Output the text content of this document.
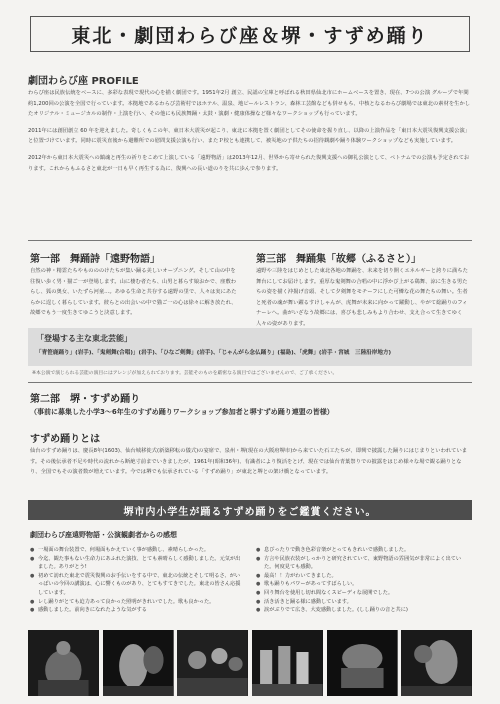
東北・劇団わらび座＆堺・すずめ踊り
劇団わらび座 PROFILE

わらび座は民族伝統をベースに、多彩な表現で現代の心を描く劇団です。1951年2月 創立、民謡の宝庫と呼ばれる秋田県仙北市にホームベースを置き、現在、7つの公演 グループで年間約1,200回の公演を全国で行っています。本拠地であるわらび芸術村ではホテル、温泉、地ビールレストラン、森林工芸館なども併せもち、中核となるわらび劇場では東北の素材を生かしたオリジナル・ミュージカルの制作・上演を行い、その他にも民族舞踊・太鼓・演劇・健康体操など様々なワークショップも行っています。

2011年には創団創立 60 年を迎えました。奇しくもこの年、東日本大震災が起こり、東北に本拠を置く劇団としてその使命を握り直し、以降の上演作品を「東日本大震災復興支援公演」と位置づけています。同時に震災直後から避難所での慰問支援公演も行い、またＰ校とも連携して、被災地の子供たちの招待観劇や踊り体験ワークショップなども実施しています。

2012年から東日本大震災への鎮魂と再生の祈りをこめて上演している「遠野物語」は2013年12月、世界から寄せられた復興支援への御礼公演として、ペトナムでの公演も予定されております。これからもふるさと東北が一日も早く再生する為に、復興への長い道のりを共に歩んで参ります。

第一部　舞踊詩「遠野物語」
自然の神・精霊たちやものののけたちが集い踊る美しいオープニング。そして山の中を往復い歩く男・猫ご一が登場します。山に棲む者たち、山男と暮らす娘おかで、座敷わらし、狐の奥女、いたずら河童…。あゆる生命と共存する遠野の里で、人々は実にあたらかに逞しく暮らしています。彼らとの出会いの中で猫ご一の心は徐々に解き放たれ、故郷でもう一度生きてゆこうと決意します。
第三部　舞踊集「故郷（ふるさと）」
遠野や三陸をはじめとした東北各地の舞踊を、未来を切り開くエネルギーと誇りに満ちた舞台にしてお届けします。重厚な鬼剣舞の合唱の中に浮かび上がる鶏舞、涼に生きる男たちの姿を描く沖揚げ音頭、そして夕剣舞をモチーフにした可憐な花の舞たちの舞い。生者と死者の魂が舞い躍るすけしゃんが、虎舞が未来に向かって躍動し、やがて総踊りのフィナーレへ。曲がいざなう故郷には、喜びも悲しみもより合わせ、支え合って生きてゆく人々の姿があります。
「登場する主な東北芸能」
「青笹鹿踊り」(岩手)、「鬼剣舞(合唱)」(岩手)、「ひなご剣舞」(岩手)、「じゃんがら念仏踊り」(福島)、「虎舞」(岩手・宮城　三陸沿岸地方)
※本公演で演じられる芸能の演目にはアレンジが加えられております。芸能そのものを厳密なる演目ではございませんので、ご了承ください。
第二部　堺・すずめ踊り
（事前に募集した小学3〜6年生のすずめ踊りワークショップ参加者と堺すずめ踊り連盟の皆様）
すずめ踊りとは
仙台のすずめ踊りは、慶長8年(1603)、仙台城移徙式(新築移転の儀式)の宴席で、泉州・堺(現在の大阪府堺市)から来ていた石工たちが、即興で披露した踊りにはじまりといわれています。その後伝承者不足や時代の流れから断絶寸前までいきましたが、1961年(昭和36年)、有識者により復活をとげ、現在では仙台青葉祭りでの披露をはじめ様々な場で観る踊りとなり、全国でもその演者数が増えています。今では堺でも伝承されている「すずめ踊り」が東北と堺との架け橋となっています。
堺市内小学生が踊るすずめ踊りをご鑑賞ください。
劇団わらび座遠野物語・公演観劇者からの感想
● 一場面の舞台装置で、何場面もかえていく事が感動し、素晴らしかった。
● 今迄、観た事もない生命力にあふれた演技、とても素晴らしく感動しました。元気が出ました。ありがとう!
● 初めて訪れた東北で震災復興のお手伝いをする中で、東北の伝統とそして明るさ、がいっぱいの今回の講演は、心に響くものがあり、とてもすてきでした。東北の皆さん応援しています。
● レし踊りがとても迫力あって良かった照明がきれいでした。歌も良かった。
● 感動しました。前向きになれたような気がする
● 息びったりで動き色彩音楽がとってもきれいで感動しました。
● 方言や民族衣装がしっかりと研究されていて、東野物語の雰囲気が非常によく出ていた。何度見ても感動。
● 最高！！力がわいてきました。
● 歌も踊りもパワーがあってすばらしい。
● 回り舞台を使用し切れ間なくスピーディな展開でした。
● 活き活きと踊る様に感動しています。
● 涙がぶりでて広き、大変感動しました。(しし踊りの音と共に)
